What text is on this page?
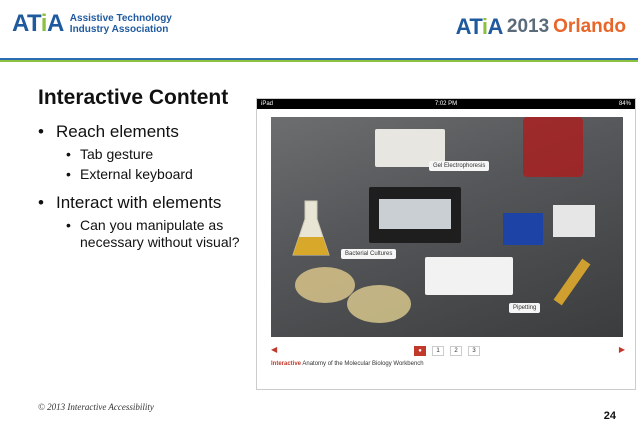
ATiA Assistive Technology
Industry Association	ATiA 2013 Orlando
Interactive Content
• Reach elements
• Tab gesture
• External keyboard
• Interact with elements
• Can you manipulate as necessary without visual?
iPad	7:02 PM	84%
Gel Electrophoresis
Bacterial Cultures
Pipetting
◀	●	1	2	3	▶
Interactive Anatomy of the Molecular Biology Workbench
© 2013 Interactive Accessibility
24
